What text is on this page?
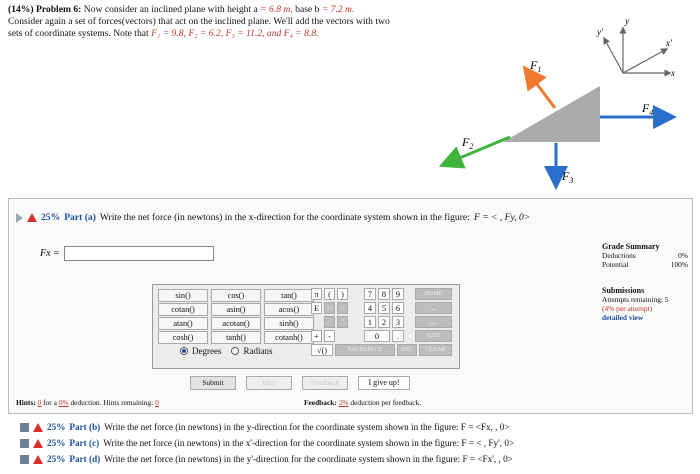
(14%) Problem 6: Now consider an inclined plane with height a = 6.8 m, base b = 7.2 m.
Consider again a set of forces(vectors) that act on the inclined plane. We'll add the vectors with two
sets of coordinate systems. Note that F₁ = 9.8, F₂ = 6.2, F₃ = 11.2, and F₄ = 8.8.
$F_1$
$F_2$
$F_3$
$F_4$
y'
y
x
x'
25% Part (a) Write the net force (in newtons) in the x-direction for the coordinate system shown in the figure: F = < , Fy, 0>
Fx =
Grade Summary
Deductions	0%
Potential	100%
Submissions
Attempts remaining: 5
(4% per attempt)
detailed view
sin()	cos()	tan()
cotan()	asin()	acos()
atan()	acotan()	sinh()
cosh()	tanh()	cotanh()
Degrees Radians
π	(	)	7	8	9	HOME
E	↑↑	←	4	5	6	→
/	*	1	2	3	—
+	-	0	.	END
√()	BACKSPACE	DEL	CLEAR
Submit	Hint	Feedback	I give up!
Hints: 0 for a 0% deduction. Hints remaining: 0	Feedback: 2% deduction per feedback.
25% Part (b) Write the net force (in newtons) in the y-direction for the coordinate system shown in the figure: F = <Fx, , 0>
25% Part (c) Write the net force (in newtons) in the x'-direction for the coordinate system shown in the figure: F = < , Fy', 0>
25% Part (d) Write the net force (in newtons) in the y'-direction for the coordinate system shown in the figure: F = <Fx', , 0>
